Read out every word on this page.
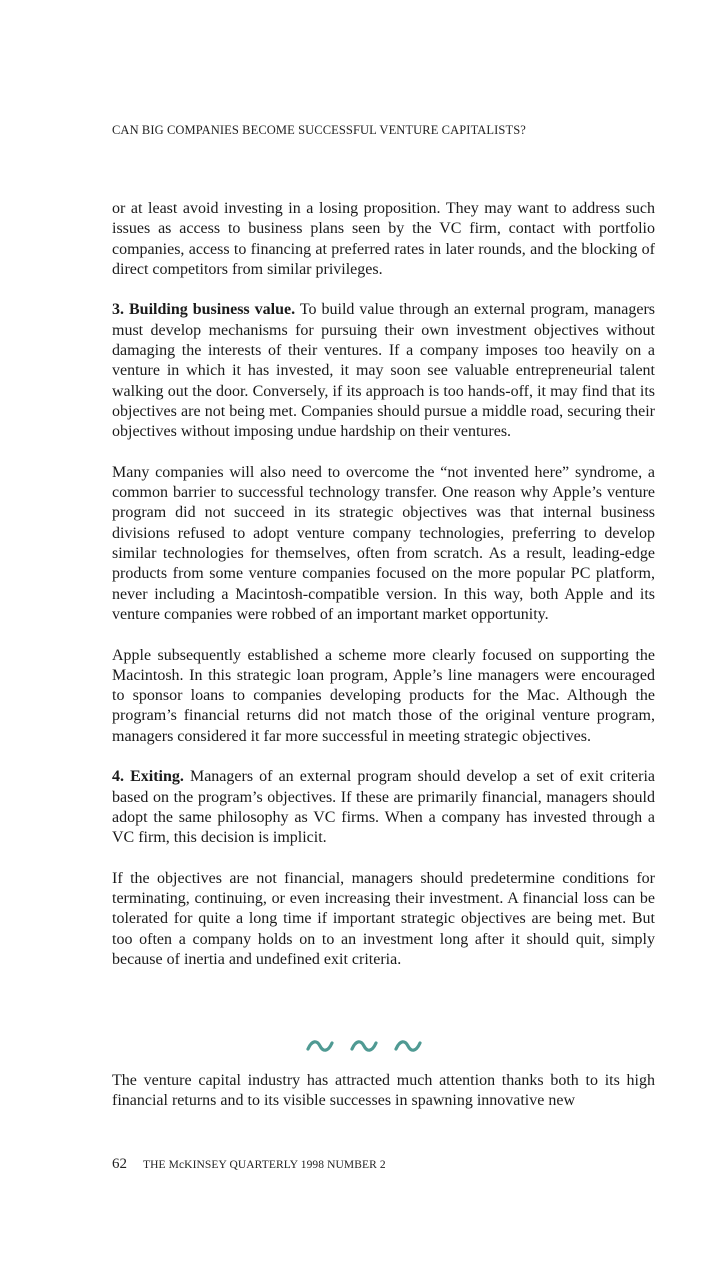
CAN BIG COMPANIES BECOME SUCCESSFUL VENTURE CAPITALISTS?

or at least avoid investing in a losing proposition. They may want to address such issues as access to business plans seen by the VC firm, contact with portfolio companies, access to financing at preferred rates in later rounds, and the blocking of direct competitors from similar privileges.

3. Building business value. To build value through an external program, managers must develop mechanisms for pursuing their own investment objectives without damaging the interests of their ventures. If a company imposes too heavily on a venture in which it has invested, it may soon see valuable entrepreneurial talent walking out the door. Conversely, if its approach is too hands-off, it may find that its objectives are not being met. Companies should pursue a middle road, securing their objectives without imposing undue hardship on their ventures.

Many companies will also need to overcome the “not invented here” syndrome, a common barrier to successful technology transfer. One reason why Apple’s venture program did not succeed in its strategic objectives was that internal business divisions refused to adopt venture company technologies, preferring to develop similar technologies for themselves, often from scratch. As a result, leading-edge products from some venture companies focused on the more popular PC platform, never including a Macintosh-compatible version. In this way, both Apple and its venture companies were robbed of an important market opportunity.

Apple subsequently established a scheme more clearly focused on supporting the Macintosh. In this strategic loan program, Apple’s line managers were encouraged to sponsor loans to companies developing products for the Mac. Although the program’s financial returns did not match those of the original venture program, managers considered it far more successful in meeting strategic objectives.

4. Exiting. Managers of an external program should develop a set of exit criteria based on the program’s objectives. If these are primarily financial, managers should adopt the same philosophy as VC firms. When a company has invested through a VC firm, this decision is implicit.

If the objectives are not financial, managers should predetermine conditions for terminating, continuing, or even increasing their investment. A financial loss can be tolerated for quite a long time if important strategic objectives are being met. But too often a company holds on to an investment long after it should quit, simply because of inertia and undefined exit criteria.

The venture capital industry has attracted much attention thanks both to its high financial returns and to its visible successes in spawning innovative new

62 THE McKINSEY QUARTERLY 1998 NUMBER 2
